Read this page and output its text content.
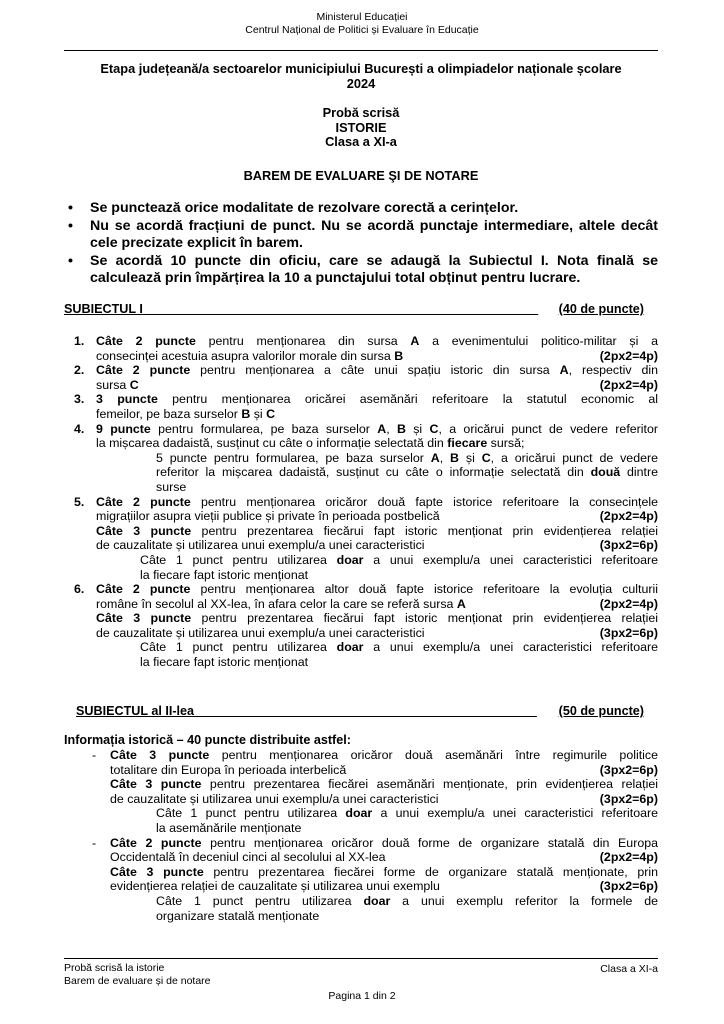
Ministerul Educației
Centrul Național de Politici și Evaluare în Educație
Etapa județeană/a sectoarelor municipiului București a olimpiadelor naționale școlare
2024
Probă scrisă
ISTORIE
Clasa a XI-a
BAREM DE EVALUARE ŞI DE NOTARE
• Se punctează orice modalitate de rezolvare corectă a cerințelor.
• Nu se acordă fracțiuni de punct. Nu se acordă punctaje intermediare, altele decât cele precizate explicit în barem.
• Se acordă 10 puncte din oficiu, care se adaugă la Subiectul I. Nota finală se calculează prin împărțirea la 10 a punctajului total obținut pentru lucrare.
SUBIECTUL I	(40 de puncte)
1. Câte 2 puncte pentru menționarea din sursa A a evenimentului politico-militar și a
consecinței acestuia asupra valorilor morale din sursa B	(2px2=4p)
2. Câte 2 puncte pentru menționarea a câte unui spațiu istoric din sursa A, respectiv din
sursa C	(2px2=4p)
3. 3 puncte pentru menționarea oricărei asemănări referitoare la statutul economic al
femeilor, pe baza surselor B și C
4. 9 puncte pentru formularea, pe baza surselor A, B și C, a oricărui punct de vedere referitor
la mișcarea dadaistă, susținut cu câte o informație selectată din fiecare sursă;
5 puncte pentru formularea, pe baza surselor A, B și C, a oricărui punct de vedere
referitor la mișcarea dadaistă, susținut cu câte o informație selectată din două dintre
surse
5. Câte 2 puncte pentru menționarea oricăror două fapte istorice referitoare la consecințele
migrațiilor asupra vieții publice și private în perioada postbelică	(2px2=4p)
Câte 3 puncte pentru prezentarea fiecărui fapt istoric menționat prin evidențierea relației
de cauzalitate și utilizarea unui exemplu/a unei caracteristici	(3px2=6p)
Câte 1 punct pentru utilizarea doar a unui exemplu/a unei caracteristici referitoare
la fiecare fapt istoric menționat
6. Câte 2 puncte pentru menționarea altor două fapte istorice referitoare la evoluția culturii
române în secolul al XX-lea, în afara celor la care se referă sursa A	(2px2=4p)
Câte 3 puncte pentru prezentarea fiecărui fapt istoric menționat prin evidențierea relației
de cauzalitate și utilizarea unui exemplu/a unei caracteristici	(3px2=6p)
Câte 1 punct pentru utilizarea doar a unui exemplu/a unei caracteristici referitoare
la fiecare fapt istoric menționat
SUBIECTUL al II-lea	(50 de puncte)
Informația istorică – 40 puncte distribuite astfel:
- Câte 3 puncte pentru menționarea oricăror două asemănări între regimurile politice
totalitare din Europa în perioada interbelică	(3px2=6p)
Câte 3 puncte pentru prezentarea fiecărei asemănări menționate, prin evidențierea relației
de cauzalitate și utilizarea unui exemplu/a unei caracteristici	(3px2=6p)
Câte 1 punct pentru utilizarea doar a unui exemplu/a unei caracteristici referitoare
la asemănările menționate
- Câte 2 puncte pentru menționarea oricăror două forme de organizare statală din Europa
Occidentală în deceniul cinci al secolului al XX-lea	(2px2=4p)
Câte 3 puncte pentru prezentarea fiecărei forme de organizare statală menționate, prin
evidențierea relației de cauzalitate și utilizarea unui exemplu	(3px2=6p)
Câte 1 punct pentru utilizarea doar a unui exemplu referitor la formele de
organizare statală menționate
Probă scrisă la istorie
Barem de evaluare și de notare
Clasa a XI-a
Pagina 1 din 2
